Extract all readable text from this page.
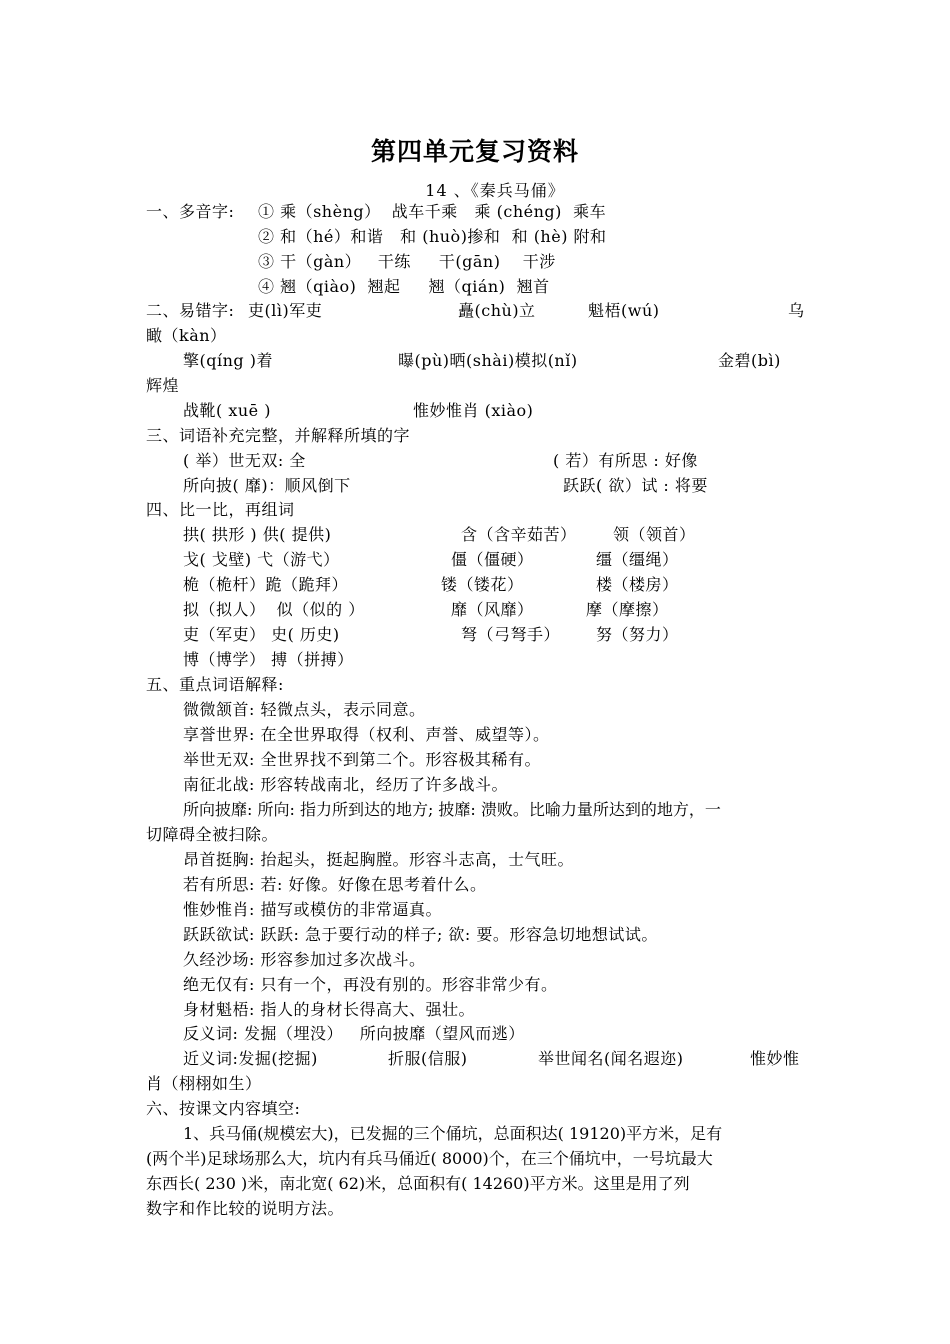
第四单元复习资料
14 、《秦兵马俑》
一、多音字: ① 乘（shèng）  战车千乘   乘 (chéng)  乘车
② 和（hé）和谐   和 (huò)掺和  和 (hè) 附和
③ 干（gàn）   干练     干(gān)    干涉
④ 翘（qiào)  翘起     翘（qián)  翘首
二、易错字: 吏(lì)军吏	矗(chù)立	魁梧(wú)	乌
瞰（kàn）
擎(qíng )着	曝(pù)晒(shài)模拟(nǐ)	金碧(bì)
辉煌
战靴( xuē )	惟妙惟肖 (xiào)
三、词语补充完整，并解释所填的字
( 举）世无双: 全	( 若）有所思 : 好像
所向披( 靡)：顺风倒下	跃跃( 欲）试 : 将要
四、比一比，再组词
拱( 拱形 ) 供( 提供)	含（含辛茹苦） 领（领首）
戈( 戈壁) 弋（游弋）	僵（僵硬）	缰（缰绳）
桅（桅杆）跪（跪拜）	镂（镂花）	楼（楼房）
拟（拟人）  似（似的 ）	靡（风靡）	摩（摩擦）
吏（军吏） 史( 历史)	弩（弓弩手） 努（努力）
博（博学） 搏（拼搏）
五、重点词语解释:
微微颔首: 轻微点头，表示同意。
享誉世界: 在全世界取得（权利、声誉、威望等）。
举世无双: 全世界找不到第二个。形容极其稀有。
南征北战: 形容转战南北，经历了许多战斗。
所向披靡: 所向: 指力所到达的地方; 披靡: 溃败。比喻力量所达到的地方，一
切障碍全被扫除。
昂首挺胸: 抬起头，挺起胸膛。形容斗志高，士气旺。
若有所思: 若: 好像。好像在思考着什么。
惟妙惟肖: 描写或模仿的非常逼真。
跃跃欲试: 跃跃: 急于要行动的样子; 欲: 要。形容急切地想试试。
久经沙场: 形容参加过多次战斗。
绝无仅有: 只有一个，再没有别的。形容非常少有。
身材魁梧: 指人的身材长得高大、强壮。
反义词: 发掘（埋没）   所向披靡（望风而逃）
近义词:发掘(挖掘)	折服(信服)	举世闻名(闻名遐迩)	惟妙惟
肖（栩栩如生）
六、按课文内容填空:
1、兵马俑(规模宏大)，已发掘的三个俑坑，总面积达( 19120)平方米，足有
(两个半)足球场那么大，坑内有兵马俑近( 8000)个，在三个俑坑中，一号坑最大
东西长( 230 )米，南北宽( 62)米，总面积有( 14260)平方米。这里是用了列
数字和作比较的说明方法。
